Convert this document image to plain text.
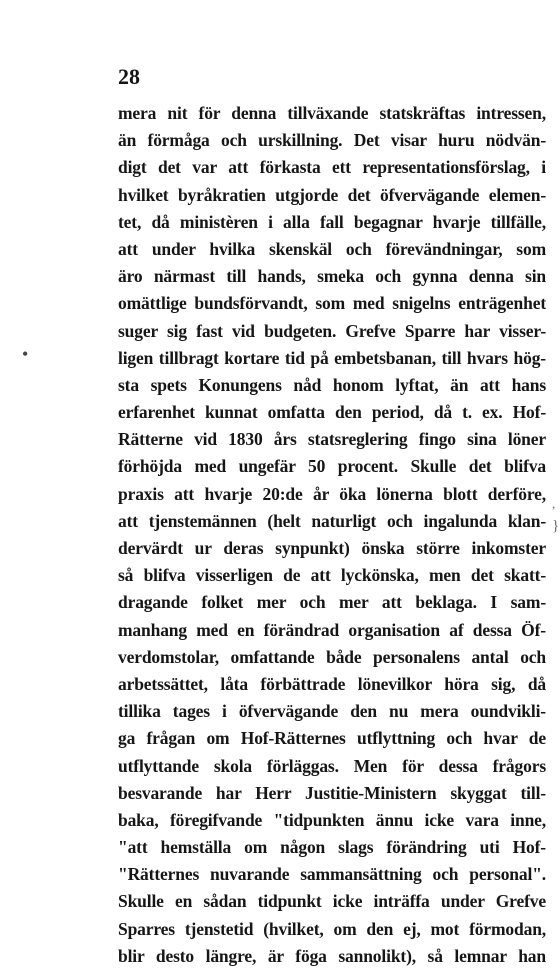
28
mera nit för denna tillväxande statskräftas intressen,
än förmåga och urskillning. Det visar huru nödvän-
digt det var att förkasta ett representationsförslag, i
hvilket byråkratien utgjorde det öfvervägande elemen-
tet, då ministèren i alla fall begagnar hvarje tillfälle,
att under hvilka skenskäl och förevändningar, som
äro närmast till hands, smeka och gynna denna sin
omättlige bundsförvandt, som med snigelns enträgenhet
suger sig fast vid budgeten. Grefve Sparre har visser-
ligen tillbragt kortare tid på embetsbanan, till hvars hög-
sta spets Konungens nåd honom lyftat, än att hans
erfarenhet kunnat omfatta den period, då t. ex. Hof-
Rätterne vid 1830 års statsreglering fingo sina löner
förhöjda med ungefär 50 procent. Skulle det blifva
praxis att hvarje 20:de år öka lönerna blott derföre,
att tjenstemännen (helt naturligt och ingalunda klan-
dervärdt ur deras synpunkt) önska större inkomster
så blifva visserligen de att lyckönska, men det skatt-
dragande folket mer och mer att beklaga. I sam-
manhang med en förändrad organisation af dessa Öf-
verdomstolar, omfattande både personalens antal och
arbetssättet, låta förbättrade lönevilkor höra sig, då
tillika tages i öfvervägande den nu mera oundvikli-
ga frågan om Hof-Rätternes utflyttning och hvar de
utflyttande skola förläggas. Men för dessa frågors
besvarande har Herr Justitie-Ministern skyggat till-
baka, föregifvande "tidpunkten ännu icke vara inne,
"att hemställa om någon slags förändring uti Hof-
"Rätternes nuvarande sammansättning och personal".
Skulle en sådan tidpunkt icke inträffa under Grefve
Sparres tjenstetid (hvilket, om den ej, mot förmodan,
blir desto längre, är föga sannolikt), så lemnar han
•
,
}
